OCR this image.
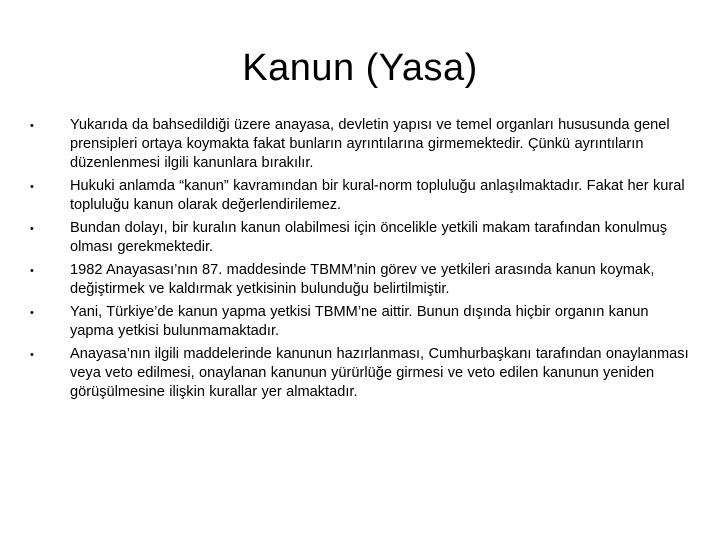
Kanun (Yasa)
• Yukarıda da bahsedildiği üzere anayasa, devletin yapısı ve temel organları hususunda genel prensipleri ortaya koymakta fakat bunların ayrıntılarına girmemektedir. Çünkü ayrıntıların düzenlenmesi ilgili kanunlara bırakılır.
• Hukuki anlamda “kanun” kavramından bir kural-norm topluluğu anlaşılmaktadır. Fakat her kural topluluğu kanun olarak değerlendirilemez.
• Bundan dolayı, bir kuralın kanun olabilmesi için öncelikle yetkili makam tarafından konulmuş olması gerekmektedir.
• 1982 Anayasası’nın 87. maddesinde TBMM’nin görev ve yetkileri arasında kanun koymak, değiştirmek ve kaldırmak yetkisinin bulunduğu belirtilmiştir.
• Yani, Türkiye’de kanun yapma yetkisi TBMM’ne aittir. Bunun dışında hiçbir organın kanun yapma yetkisi bulunmamaktadır.
• Anayasa’nın ilgili maddelerinde kanunun hazırlanması, Cumhurbaşkanı tarafından onaylanması veya veto edilmesi, onaylanan kanunun yürürlüğe girmesi ve veto edilen kanunun yeniden görüşülmesine ilişkin kurallar yer almaktadır.
